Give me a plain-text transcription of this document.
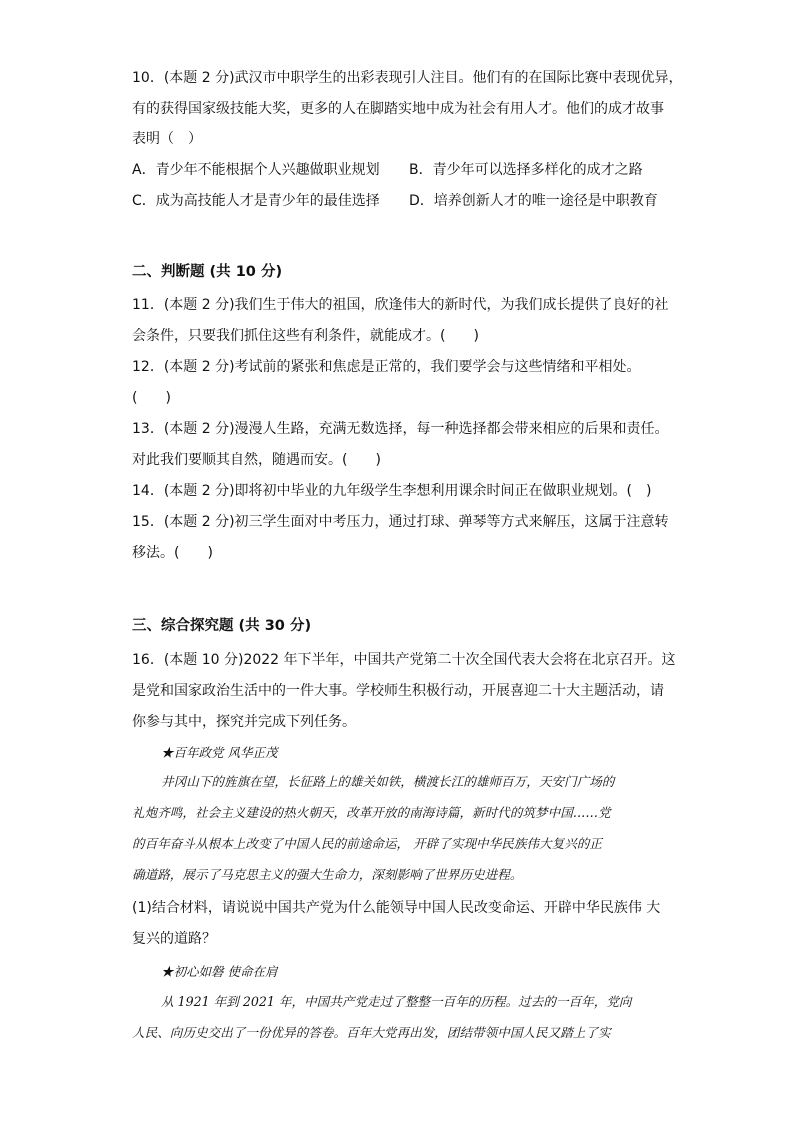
10．(本题 2 分)武汉市中职学生的出彩表现引人注目。他们有的在国际比赛中表现优异，
有的获得国家级技能大奖，更多的人在脚踏实地中成为社会有用人才。他们的成才故事
表明（　）
A．青少年不能根据个人兴趣做职业规划 B．青少年可以选择多样化的成才之路
C．成为高技能人才是青少年的最佳选择 D．培养创新人才的唯一途径是中职教育
二、判断题 (共 10 分)
11．(本题 2 分)我们生于伟大的祖国，欣逢伟大的新时代，为我们成长提供了良好的社
会条件，只要我们抓住这些有利条件，就能成才。(　　)
12．(本题 2 分)考试前的紧张和焦虑是正常的，我们要学会与这些情绪和平相处。
(　　)
13．(本题 2 分)漫漫人生路，充满无数选择，每一种选择都会带来相应的后果和责任。
对此我们要顺其自然，随遇而安。(　　)
14．(本题 2 分)即将初中毕业的九年级学生李想利用课余时间正在做职业规划。(　)
15．(本题 2 分)初三学生面对中考压力，通过打球、弹琴等方式来解压，这属于注意转
移法。(　　)
三、综合探究题 (共 30 分)
16．(本题 10 分)2022 年下半年，中国共产党第二十次全国代表大会将在北京召开。这
是党和国家政治生活中的一件大事。学校师生积极行动，开展喜迎二十大主题活动，请
你参与其中，探究并完成下列任务。
★百年政党 风华正茂
井冈山下的旌旗在望，长征路上的雄关如铁，横渡长江的雄师百万，天安门广场的
礼炮齐鸣，社会主义建设的热火朝天，改革开放的南海诗篇，新时代的筑梦中国……党
的百年奋斗从根本上改变了中国人民的前途命运， 开辟了实现中华民族伟大复兴的正
确道路，展示了马克思主义的强大生命力，深刻影响了世界历史进程。
(1)结合材料，请说说中国共产党为什么能领导中国人民改变命运、开辟中华民族伟 大
复兴的道路？
★初心如磐 使命在肩
从 1921 年到 2021 年，中国共产党走过了整整一百年的历程。过去的一百年，党向
人民、向历史交出了一份优异的答卷。百年大党再出发，团结带领中国人民又踏上了实
